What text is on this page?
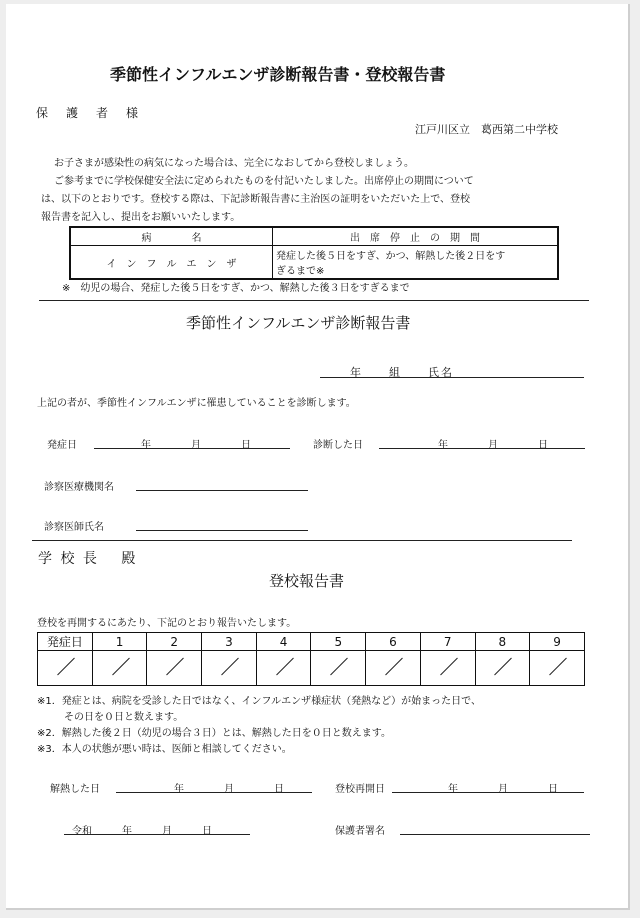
季節性インフルエンザ診断報告書・登校報告書
保　護　者　様
江戸川区立　葛西第二中学校
お子さまが感染性の病気になった場合は、完全になおしてから登校しましょう。
ご参考までに学校保健安全法に定められたものを付記いたしました。出席停止の期間について
は、以下のとおりです。登校する際は、下記診断報告書に主治医の証明をいただいた上で、登校
報告書を記入し、提出をお願いいたします。
病　　　　名	出　席　停　止　の　期　間
イ　ン　フ　ル　エ　ン　ザ	発症した後５日をすぎ、かつ、解熱した後２日をす
ぎるまで※
※　幼児の場合、発症した後５日をすぎ、かつ、解熱した後３日をすぎるまで
季節性インフルエンザ診断報告書
年　　組　　氏名
上記の者が、季節性インフルエンザに罹患していることを診断します。
発症日	年　　　　月　　　　日	診断した日	年　　　　月　　　　日
診察医療機関名
診察医師氏名
学 校 長　 殿
登校報告書
登校を再開するにあたり、下記のとおり報告いたします。
発症日	1	2	3	4	5	6	7	8	9

※1．発症とは、病院を受診した日ではなく、インフルエンザ様症状（発熱など）が始まった日で、
その日を０日と数えます。
※2．解熱した後２日（幼児の場合３日）とは、解熱した日を０日と数えます。
※3．本人の状態が悪い時は、医師と相談してください。
解熱した日	年　　　　月　　　　日	登校再開日	年　　　　月　　　　日
令和　　　年　　　月　　　日	保護者署名
